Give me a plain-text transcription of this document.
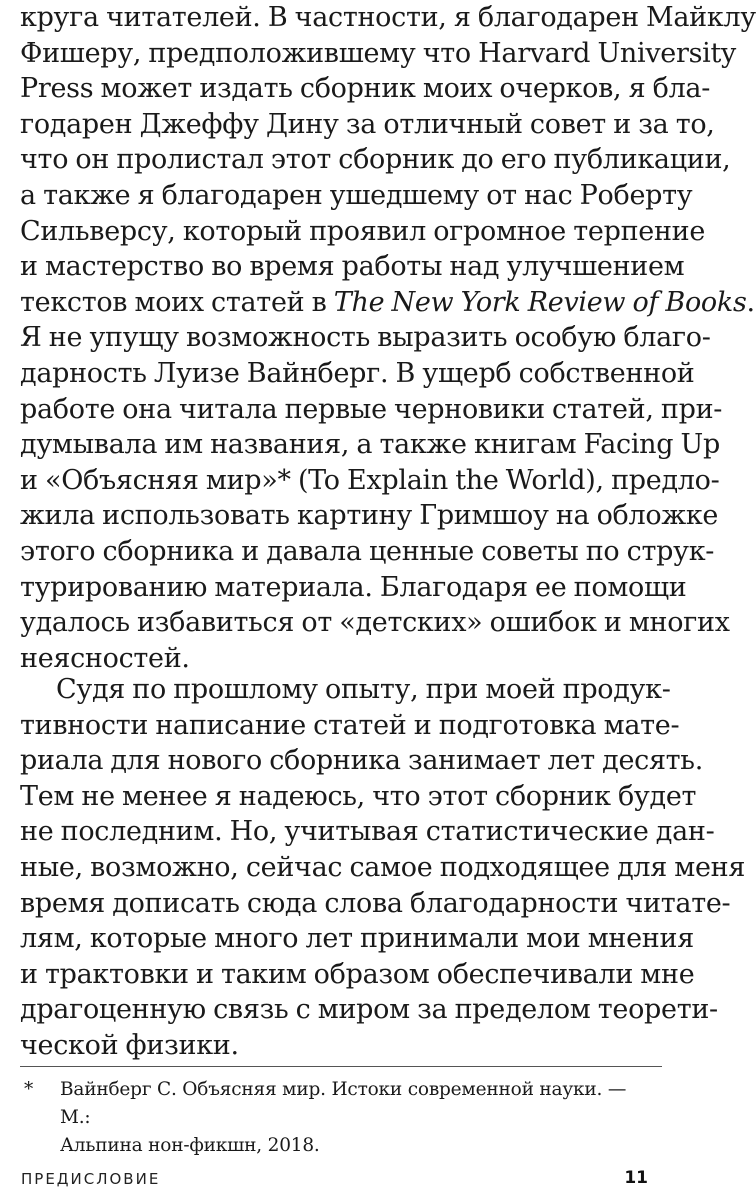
круга читателей. В частности, я благодарен Майклу
Фишеру, предположившему что Harvard University
Press может издать сборник моих очерков, я бла-
годарен Джеффу Дину за отличный совет и за то,
что он пролистал этот сборник до его публикации,
а также я благодарен ушедшему от нас Роберту
Сильверсу, который проявил огромное терпение
и мастерство во время работы над улучшением
текстов моих статей в The New York Review of Books.
Я не упущу возможность выразить особую благо-
дарность Луизе Вайнберг. В ущерб собственной
работе она читала первые черновики статей, при-
думывала им названия, а также книгам Facing Up
и «Объясняя мир»* (To Explain the World), предло-
жила использовать картину Гримшоу на обложке
этого сборника и давала ценные советы по струк-
турированию материала. Благодаря ее помощи
удалось избавиться от «детских» ошибок и многих
неясностей.
Судя по прошлому опыту, при моей продук-
тивности написание статей и подготовка мате-
риала для нового сборника занимает лет десять.
Тем не менее я надеюсь, что этот сборник будет
не последним. Но, учитывая статистические дан-
ные, возможно, сейчас самое подходящее для меня
время дописать сюда слова благодарности читате-
лям, которые много лет принимали мои мнения
и трактовки и таким образом обеспечивали мне
драгоценную связь с миром за пределом теорети-
ческой физики.
* Вайнберг С. Объясняя мир. Истоки современной науки. — М.:
Альпина нон-фикшн, 2018.
ПРЕДИСЛОВИЕ	11
